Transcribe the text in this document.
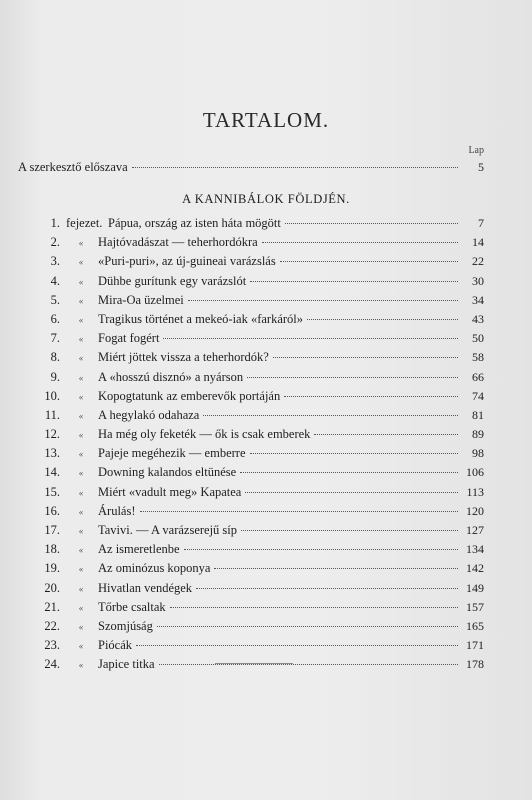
TARTALOM.
Lap
A szerkesztő előszava	5
A KANNIBÁLOK FÖLDJÉN.
1. fejezet. Pápua, ország az isten háta mögött	7
2.	«	Hajtóvadászat — teherhordókra	14
3.	«	«Puri-puri», az új-guineai varázslás	22
4.	«	Dühbe gurítunk egy varázslót	30
5.	«	Mira-Oa üzelmei	34
6.	«	Tragikus történet a mekeó-iak «farkáról»	43
7.	«	Fogat fogért	50
8.	«	Miért jöttek vissza a teherhordók?	58
9.	«	A «hosszú disznó» a nyárson	66
10.	«	Kopogtatunk az emberevők portáján	74
11.	«	A hegylakó odahaza	81
12.	«	Ha még oly feketék — ők is csak emberek	89
13.	«	Pajeje megéhezik — emberre	98
14.	«	Downing kalandos eltünése	106
15.	«	Miért «vadult meg» Kapatea	113
16.	«	Árulás!	120
17.	«	Tavivi. — A varázserejű síp	127
18.	«	Az ismeretlenbe	134
19.	«	Az ominózus koponya	142
20.	«	Hivatlan vendégek	149
21.	«	Tőrbe csaltak	157
22.	«	Szomjúság	165
23.	«	Piócák	171
24.	«	Japice titka	178
